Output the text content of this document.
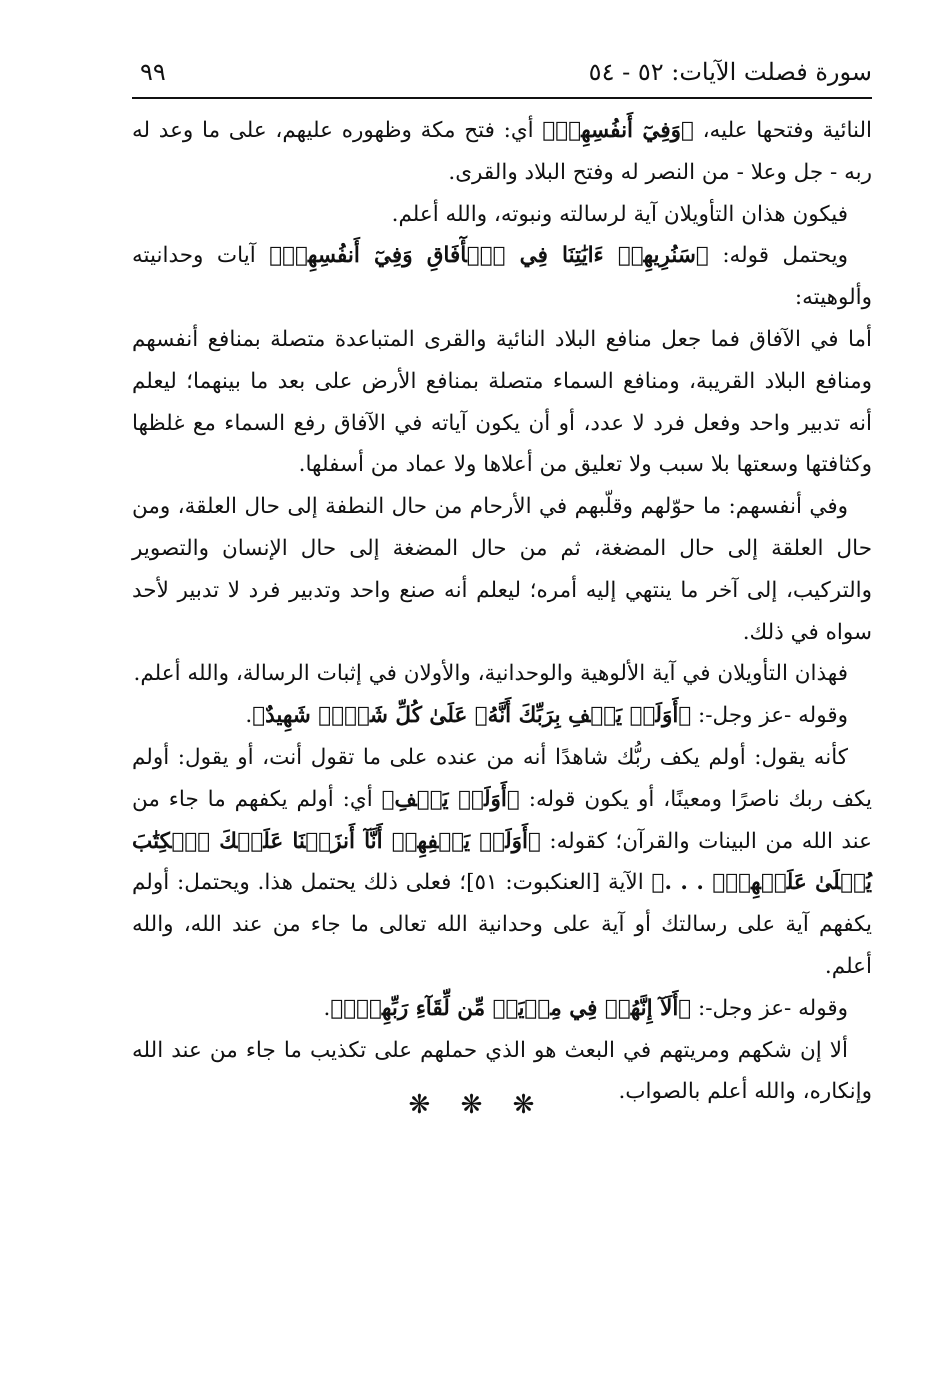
سورة فصلت الآيات: ٥٢ - ٥٤
٩٩

النائية وفتحها عليه، ﴿وَفِيٓ أَنفُسِهِمۡ﴾ أي: فتح مكة وظهوره عليهم، على ما وعد له ربه - جل وعلا - من النصر له وفتح البلاد والقرى.

فيكون هذان التأويلان آية لرسالته ونبوته، والله أعلم.

ويحتمل قوله: ﴿سَنُرِيهِمۡ ءَايَٰتِنَا فِي ٱلۡأٓفَاقِ وَفِيٓ أَنفُسِهِمۡ﴾ آيات وحدانيته وألوهيته:

أما في الآفاق فما جعل منافع البلاد النائية والقرى المتباعدة متصلة بمنافع أنفسهم ومنافع البلاد القريبة، ومنافع السماء متصلة بمنافع الأرض على بعد ما بينهما؛ ليعلم أنه تدبير واحد وفعل فرد لا عدد، أو أن يكون آياته في الآفاق رفع السماء مع غلظها وكثافتها وسعتها بلا سبب ولا تعليق من أعلاها ولا عماد من أسفلها.

وفي أنفسهم: ما حوّلهم وقلّبهم في الأرحام من حال النطفة إلى حال العلقة، ومن حال العلقة إلى حال المضغة، ثم من حال المضغة إلى حال الإنسان والتصوير والتركيب، إلى آخر ما ينتهي إليه أمره؛ ليعلم أنه صنع واحد وتدبير فرد لا تدبير لأحد سواه في ذلك.

فهذان التأويلان في آية الألوهية والوحدانية، والأولان في إثبات الرسالة، والله أعلم.

وقوله -عز وجل-: ﴿أَوَلَمۡ يَكۡفِ بِرَبِّكَ أَنَّهُۥ عَلَىٰ كُلِّ شَيۡءٖ شَهِيدٌ﴾.

كأنه يقول: أولم يكف ربُّك شاهدًا أنه من عنده على ما تقول أنت، أو يقول: أولم يكف ربك ناصرًا ومعينًا، أو يكون قوله: ﴿أَوَلَمۡ يَكۡفِ﴾ أي: أولم يكفهم ما جاء من عند الله من البينات والقرآن؛ كقوله: ﴿أَوَلَمۡ يَكۡفِهِمۡ أَنَّآ أَنزَلۡنَا عَلَيۡكَ ٱلۡكِتَٰبَ يُتۡلَىٰ عَلَيۡهِمۡۚ . . .﴾ الآية [العنكبوت: ٥١]؛ فعلى ذلك يحتمل هذا. ويحتمل: أولم يكفهم آية على رسالتك أو آية على وحدانية الله تعالى ما جاء من عند الله، والله أعلم.

وقوله -عز وجل-: ﴿أَلَآ إِنَّهُمۡ فِي مِرۡيَةٖ مِّن لِّقَآءِ رَبِّهِمۡۗ﴾.

ألا إن شكهم ومريتهم في البعث هو الذي حملهم على تكذيب ما جاء من عند الله وإنكاره، والله أعلم بالصواب.

❋ ❋ ❋
